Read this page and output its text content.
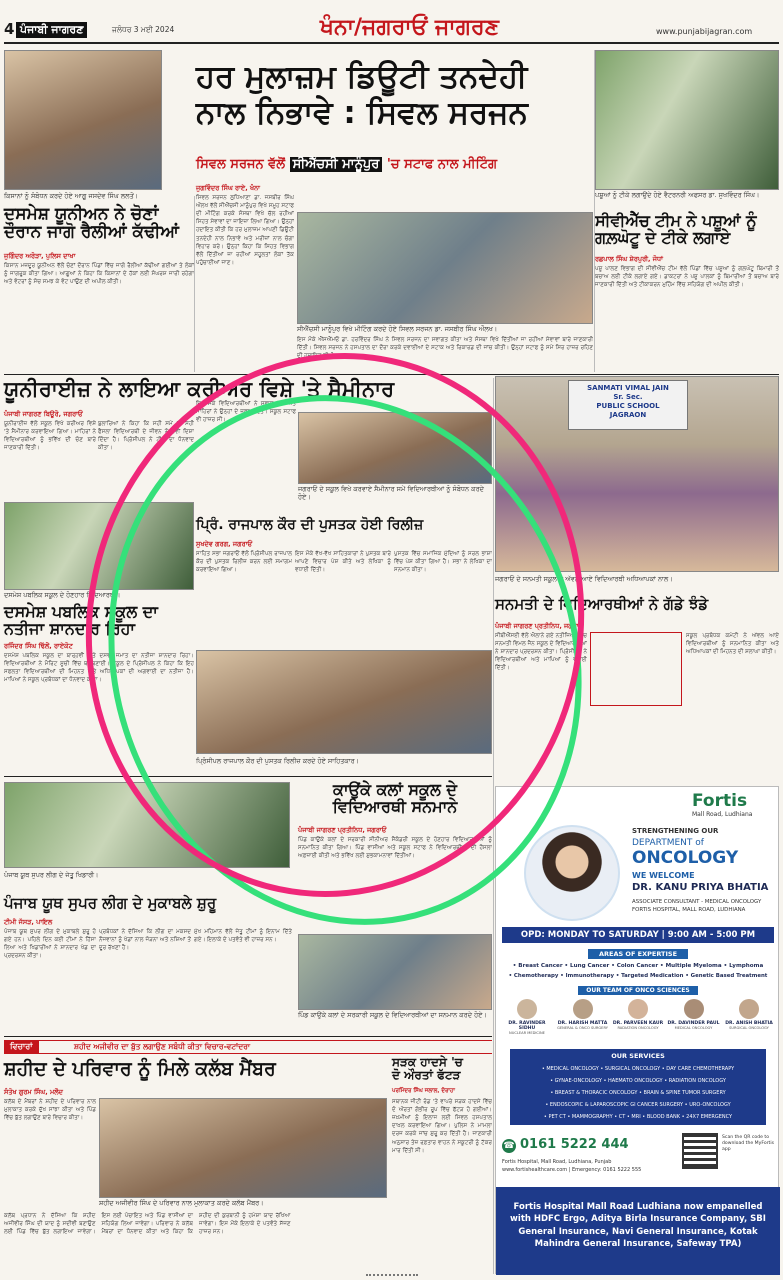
4 ਪੰਜਾਬੀ ਜਾਗਰਣ	ਜਲੰਧਰ 3 ਮਈ 2024	ਖੰਨਾ/ਜਗਰਾਓਂ ਜਾਗਰਣ	www.punjabijagran.com
ਕਿਸਾਨਾਂ ਨੂੰ ਸੰਬੋਧਨ ਕਰਦੇ ਹੋਏ ਆਗੂ ਜਸਦੇਵ ਸਿੰਘ ਲਲਤੋਂ।
ਦਸਮੇਸ਼ ਯੂਨੀਅਨ ਨੇ ਚੋਣਾਂ
ਦੌਰਾਨ ਜਾਗੋ ਰੈਲੀਆਂ ਕੱਢੀਆਂ
ਜੁਗਿੰਦਰ ਅਰੋੜਾ, ਪੁਲਿਸ ਦਾਖਾ
ਕਿਸਾਨ ਮਜ਼ਦੂਰ ਯੂਨੀਅਨ ਵੱਲੋਂ ਚੋਣਾਂ ਦੌਰਾਨ ਪਿੰਡਾਂ ਵਿੱਚ ਜਾਗੋ ਰੈਲੀਆਂ ਕੱਢੀਆਂ ਗਈਆਂ ਤੇ ਲੋਕਾਂ ਨੂੰ ਜਾਗਰੂਕ ਕੀਤਾ ਗਿਆ। ਆਗੂਆਂ ਨੇ ਕਿਹਾ ਕਿ ਕਿਸਾਨਾਂ ਦੇ ਹੱਕਾਂ ਲਈ ਸੰਘਰਸ਼ ਜਾਰੀ ਰਹੇਗਾ ਅਤੇ ਵੋਟਰਾਂ ਨੂੰ ਸੋਚ ਸਮਝ ਕੇ ਵੋਟ ਪਾਉਣ ਦੀ ਅਪੀਲ ਕੀਤੀ।
ਹਰ ਮੁਲਾਜ਼ਮ ਡਿਊਟੀ ਤਨਦੇਹੀ
ਨਾਲ ਨਿਭਾਵੇ : ਸਿਵਲ ਸਰਜਨ
ਸਿਵਲ ਸਰਜਨ ਵੱਲੋਂ ਸੀਐੱਚਸੀ ਮਾਨੂੰਪੁਰ 'ਚ ਸਟਾਫ ਨਾਲ ਮੀਟਿੰਗ
ਜੁਗਵਿੰਦਰ ਸਿੰਘ ਰਾਏ, ਖੰਨਾ
ਸਿਵਲ ਸਰਜਨ ਲੁਧਿਆਣਾ ਡਾ. ਜਸਬੀਰ ਸਿੰਘ ਔਲਖ ਵੱਲੋਂ ਸੀਐੱਚਸੀ ਮਾਨੂੰਪੁਰ ਵਿਖੇ ਸਮੂਹ ਸਟਾਫ ਦੀ ਮੀਟਿੰਗ ਕਰਕੇ ਸੰਸਥਾ ਵਿਖੇ ਚੱਲ ਰਹੀਆਂ ਸਿਹਤ ਸੇਵਾਵਾਂ ਦਾ ਜਾਇਜ਼ਾ ਲਿਆ ਗਿਆ। ਉਨ੍ਹਾਂ ਹਦਾਇਤ ਕੀਤੀ ਕਿ ਹਰ ਮੁਲਾਜ਼ਮ ਆਪਣੀ ਡਿਊਟੀ ਤਨਦੇਹੀ ਨਾਲ ਨਿਭਾਵੇ ਅਤੇ ਮਰੀਜ਼ਾਂ ਨਾਲ ਚੰਗਾ ਵਿਹਾਰ ਕਰੇ। ਉਨ੍ਹਾਂ ਕਿਹਾ ਕਿ ਸਿਹਤ ਵਿਭਾਗ ਵੱਲੋਂ ਦਿੱਤੀਆਂ ਜਾ ਰਹੀਆਂ ਸਹੂਲਤਾਂ ਲੋਕਾਂ ਤੱਕ ਪਹੁੰਚਾਈਆਂ ਜਾਣ।
ਸੀਐੱਚਸੀ ਮਾਨੂੰਪੁਰ ਵਿਖੇ ਮੀਟਿੰਗ ਕਰਦੇ ਹੋਏ ਸਿਵਲ ਸਰਜਨ ਡਾ. ਜਸਬੀਰ ਸਿੰਘ ਔਲਖ।
ਇਸ ਮੌਕੇ ਐੱਸਐੱਮਓ ਡਾ. ਹਰਵਿੰਦਰ ਸਿੰਘ ਨੇ ਸਿਵਲ ਸਰਜਨ ਦਾ ਸਵਾਗਤ ਕੀਤਾ ਅਤੇ ਸੰਸਥਾ ਵਿਖੇ ਦਿੱਤੀਆਂ ਜਾ ਰਹੀਆਂ ਸੇਵਾਵਾਂ ਬਾਰੇ ਜਾਣਕਾਰੀ ਦਿੱਤੀ। ਸਿਵਲ ਸਰਜਨ ਨੇ ਹਸਪਤਾਲ ਦਾ ਦੌਰਾ ਕਰਕੇ ਦਵਾਈਆਂ ਦੇ ਸਟਾਕ ਅਤੇ ਰਿਕਾਰਡ ਦੀ ਜਾਂਚ ਕੀਤੀ। ਉਨ੍ਹਾਂ ਸਟਾਫ ਨੂੰ ਸਮੇਂ ਸਿਰ ਹਾਜ਼ਰ ਰਹਿਣ ਦੀ ਹਦਾਇਤ ਕੀਤੀ।
ਪਸ਼ੂਆਂ ਨੂੰ ਟੀਕੇ ਲਗਾਉਂਦੇ ਹੋਏ ਵੈਟਰਨਰੀ ਅਫਸਰ ਡਾ. ਸੁਖਵਿੰਦਰ ਸਿੰਘ।
ਸੀਵੀਐੱਚ ਟੀਮ ਨੇ ਪਸ਼ੂਆਂ ਨੂੰ
ਗਲ਼ਘੋਟੂ ਦੇ ਟੀਕੇ ਲਗਾਏ
ਰਛਪਾਲ ਸਿੰਘ ਸ਼ੇਰਪੁਰੀ, ਜੋਧਾਂ
ਪਸ਼ੂ ਪਾਲਣ ਵਿਭਾਗ ਦੀ ਸੀਵੀਐੱਚ ਟੀਮ ਵੱਲੋਂ ਪਿੰਡਾਂ ਵਿੱਚ ਪਸ਼ੂਆਂ ਨੂੰ ਗਲ਼ਘੋਟੂ ਬਿਮਾਰੀ ਤੋਂ ਬਚਾਅ ਲਈ ਟੀਕੇ ਲਗਾਏ ਗਏ। ਡਾਕਟਰਾਂ ਨੇ ਪਸ਼ੂ ਪਾਲਕਾਂ ਨੂੰ ਬਿਮਾਰੀਆਂ ਤੋਂ ਬਚਾਅ ਬਾਰੇ ਜਾਣਕਾਰੀ ਦਿੱਤੀ ਅਤੇ ਟੀਕਾਕਰਨ ਮੁਹਿੰਮ ਵਿੱਚ ਸਹਿਯੋਗ ਦੀ ਅਪੀਲ ਕੀਤੀ।
ਯੂਨੀਰਾਈਜ਼ ਨੇ ਲਾਇਆ ਕਰੀਅਰ ਵਿਸ਼ੇ 'ਤੇ ਸੈਮੀਨਾਰ
ਪੰਜਾਬੀ ਜਾਗਰਣ ਬਿਊਰੋ, ਜਗਰਾਓਂ
ਯੂਨੀਰਾਈਜ਼ ਵੱਲੋਂ ਸਕੂਲ ਵਿਖੇ ਕਰੀਅਰ ਵਿਸ਼ੇ 'ਤੇ ਸੈਮੀਨਾਰ ਕਰਵਾਇਆ ਗਿਆ। ਮਾਹਿਰਾਂ ਨੇ ਵਿਦਿਆਰਥੀਆਂ ਨੂੰ ਭਵਿੱਖ ਦੀ ਚੋਣ ਬਾਰੇ ਜਾਣਕਾਰੀ ਦਿੱਤੀ।
ਬੁਲਾਰਿਆਂ ਨੇ ਕਿਹਾ ਕਿ ਸਹੀ ਸਮੇਂ 'ਤੇ ਸਹੀ ਫੈਸਲਾ ਵਿਦਿਆਰਥੀ ਦੇ ਜੀਵਨ ਨੂੰ ਨਵੀਂ ਦਿਸ਼ਾ ਦਿੰਦਾ ਹੈ। ਪ੍ਰਿੰਸੀਪਲ ਨੇ ਟੀਮ ਦਾ ਧੰਨਵਾਦ ਕੀਤਾ।
ਇਸ ਮੌਕੇ ਵਿਦਿਆਰਥੀਆਂ ਨੇ ਸਵਾਲ ਪੁੱਛੇ ਅਤੇ ਮਾਹਿਰਾਂ ਨੇ ਉਨ੍ਹਾਂ ਦੇ ਜਵਾਬ ਦਿੱਤੇ। ਸਕੂਲ ਸਟਾਫ ਵੀ ਹਾਜ਼ਰ ਸੀ।
ਜਗਰਾਓਂ ਦੇ ਸਕੂਲ ਵਿਖੇ ਕਰਵਾਏ ਸੈਮੀਨਾਰ ਸਮੇਂ ਵਿਦਿਆਰਥੀਆਂ ਨੂੰ ਸੰਬੋਧਨ ਕਰਦੇ ਹੋਏ।
SANMATI VIMAL JAIN
Sr. Sec.
PUBLIC SCHOOL
JAGRAON
ਜਗਰਾਓਂ ਦੇ ਸਨਮਤੀ ਸਕੂਲ ਦੇ ਅੱਵਲ ਆਏ ਵਿਦਿਆਰਥੀ ਅਧਿਆਪਕਾਂ ਨਾਲ।
ਸਨਮਤੀ ਦੇ ਵਿਦਿਆਰਥੀਆਂ ਨੇ ਗੱਡੇ ਝੰਡੇ
ਪੰਜਾਬੀ ਜਾਗਰਣ ਪ੍ਰਤੀਨਿਧ, ਜਗਰਾਓਂ
ਸੀਬੀਐੱਸਈ ਵੱਲੋਂ ਐਲਾਨੇ ਗਏ ਨਤੀਜਿਆਂ ਵਿੱਚ ਸਨਮਤੀ ਵਿਮਲ ਜੈਨ ਸਕੂਲ ਦੇ ਵਿਦਿਆਰਥੀਆਂ ਨੇ ਸ਼ਾਨਦਾਰ ਪ੍ਰਦਰਸ਼ਨ ਕੀਤਾ। ਪ੍ਰਿੰਸੀਪਲ ਨੇ ਵਿਦਿਆਰਥੀਆਂ ਅਤੇ ਮਾਪਿਆਂ ਨੂੰ ਵਧਾਈ ਦਿੱਤੀ।
ਸਕੂਲ ਪ੍ਰਬੰਧਕ ਕਮੇਟੀ ਨੇ ਅੱਵਲ ਆਏ ਵਿਦਿਆਰਥੀਆਂ ਨੂੰ ਸਨਮਾਨਿਤ ਕੀਤਾ ਅਤੇ ਅਧਿਆਪਕਾਂ ਦੀ ਮਿਹਨਤ ਦੀ ਸ਼ਲਾਘਾ ਕੀਤੀ।
ਦਸਮੇਸ਼ ਪਬਲਿਕ ਸਕੂਲ ਦੇ ਹੋਣਹਾਰ ਵਿਦਿਆਰਥੀ।
ਦਸਮੇਸ਼ ਪਬਲਿਕ ਸਕੂਲ ਦਾ
ਨਤੀਜਾ ਸ਼ਾਨਦਾਰ ਰਿਹਾ
ਰਜਿੰਦਰ ਸਿੰਘ ਢਿੱਲੋਂ, ਰਾਏਕੋਟ
ਦਸਮੇਸ਼ ਪਬਲਿਕ ਸਕੂਲ ਦਾ ਬਾਰ੍ਹਵੀਂ ਅਤੇ ਦਸਵੀਂ ਜਮਾਤ ਦਾ ਨਤੀਜਾ ਸ਼ਾਨਦਾਰ ਰਿਹਾ। ਵਿਦਿਆਰਥੀਆਂ ਨੇ ਮੈਰਿਟ ਸੂਚੀ ਵਿੱਚ ਥਾਂ ਬਣਾਈ। ਸਕੂਲ ਦੇ ਪ੍ਰਿੰਸੀਪਲ ਨੇ ਕਿਹਾ ਕਿ ਇਹ ਸਫਲਤਾ ਵਿਦਿਆਰਥੀਆਂ ਦੀ ਮਿਹਨਤ ਅਤੇ ਅਧਿਆਪਕਾਂ ਦੀ ਅਗਵਾਈ ਦਾ ਨਤੀਜਾ ਹੈ। ਮਾਪਿਆਂ ਨੇ ਸਕੂਲ ਪ੍ਰਬੰਧਕਾਂ ਦਾ ਧੰਨਵਾਦ ਕੀਤਾ।
ਪ੍ਰਿੰ. ਰਾਜਪਾਲ ਕੌਰ ਦੀ ਪੁਸਤਕ ਹੋਈ ਰਿਲੀਜ਼
ਸੁਖਦੇਵ ਗਰਗ, ਜਗਰਾਓਂ
ਸਾਹਿਤ ਸਭਾ ਜਗਰਾਓਂ ਵੱਲੋਂ ਪ੍ਰਿੰਸੀਪਲ ਰਾਜਪਾਲ ਕੌਰ ਦੀ ਪੁਸਤਕ ਰਿਲੀਜ਼ ਕਰਨ ਲਈ ਸਮਾਗਮ ਕਰਵਾਇਆ ਗਿਆ।
ਇਸ ਮੌਕੇ ਵੱਖ-ਵੱਖ ਸਾਹਿਤਕਾਰਾਂ ਨੇ ਪੁਸਤਕ ਬਾਰੇ ਆਪਣੇ ਵਿਚਾਰ ਪੇਸ਼ ਕੀਤੇ ਅਤੇ ਲੇਖਿਕਾ ਨੂੰ ਵਧਾਈ ਦਿੱਤੀ।
ਪੁਸਤਕ ਵਿੱਚ ਸਮਾਜਿਕ ਮੁੱਦਿਆਂ ਨੂੰ ਸਰਲ ਭਾਸ਼ਾ ਵਿੱਚ ਪੇਸ਼ ਕੀਤਾ ਗਿਆ ਹੈ। ਸਭਾ ਨੇ ਲੇਖਿਕਾ ਦਾ ਸਨਮਾਨ ਕੀਤਾ।
ਪ੍ਰਿੰਸੀਪਲ ਰਾਜਪਾਲ ਕੌਰ ਦੀ ਪੁਸਤਕ ਰਿਲੀਜ਼ ਕਰਦੇ ਹੋਏ ਸਾਹਿਤਕਾਰ।
ਪੰਜਾਬ ਯੂਥ ਸੁਪਰ ਲੀਗ ਦੇ ਜੇਤੂ ਖਿਡਾਰੀ।
ਪੰਜਾਬ ਯੂਥ ਸੁਪਰ ਲੀਗ ਦੇ ਮੁਕਾਬਲੇ ਸ਼ੁਰੂ
ਟੀਮੀ ਜੱਸੜ, ਪਾਇਲ
ਪੰਜਾਬ ਯੂਥ ਸੁਪਰ ਲੀਗ ਦੇ ਮੁਕਾਬਲੇ ਸ਼ੁਰੂ ਹੋ ਗਏ ਹਨ। ਪਹਿਲੇ ਦਿਨ ਕਈ ਟੀਮਾਂ ਨੇ ਹਿੱਸਾ ਲਿਆ ਅਤੇ ਖਿਡਾਰੀਆਂ ਨੇ ਸ਼ਾਨਦਾਰ ਖੇਡ ਦਾ ਪ੍ਰਦਰਸ਼ਨ ਕੀਤਾ।
ਪ੍ਰਬੰਧਕਾਂ ਨੇ ਦੱਸਿਆ ਕਿ ਲੀਗ ਦਾ ਮਕਸਦ ਨੌਜਵਾਨਾਂ ਨੂੰ ਖੇਡਾਂ ਨਾਲ ਜੋੜਨਾ ਅਤੇ ਨਸ਼ਿਆਂ ਤੋਂ ਦੂਰ ਰੱਖਣਾ ਹੈ।
ਮੁੱਖ ਮਹਿਮਾਨ ਵੱਲੋਂ ਜੇਤੂ ਟੀਮਾਂ ਨੂੰ ਇਨਾਮ ਦਿੱਤੇ ਗਏ। ਇਲਾਕੇ ਦੇ ਪਤਵੰਤੇ ਵੀ ਹਾਜ਼ਰ ਸਨ।
ਕਾਉਂਕੇ ਕਲਾਂ ਸਕੂਲ ਦੇ
ਵਿਦਿਆਰਥੀ ਸਨਮਾਨੇ
ਪੰਜਾਬੀ ਜਾਗਰਣ ਪ੍ਰਤੀਨਿਧ, ਜਗਰਾਓਂ
ਪਿੰਡ ਕਾਉਂਕੇ ਕਲਾਂ ਦੇ ਸਰਕਾਰੀ ਸੀਨੀਅਰ ਸੈਕੰਡਰੀ ਸਕੂਲ ਦੇ ਹੋਣਹਾਰ ਵਿਦਿਆਰਥੀਆਂ ਨੂੰ ਸਨਮਾਨਿਤ ਕੀਤਾ ਗਿਆ। ਪਿੰਡ ਵਾਸੀਆਂ ਅਤੇ ਸਕੂਲ ਸਟਾਫ ਨੇ ਵਿਦਿਆਰਥੀਆਂ ਦੀ ਹੌਸਲਾ ਅਫ਼ਜ਼ਾਈ ਕੀਤੀ ਅਤੇ ਭਵਿੱਖ ਲਈ ਸ਼ੁਭਕਾਮਨਾਵਾਂ ਦਿੱਤੀਆਂ।
ਪਿੰਡ ਕਾਉਂਕੇ ਕਲਾਂ ਦੇ ਸਰਕਾਰੀ ਸਕੂਲ ਦੇ ਵਿਦਿਆਰਥੀਆਂ ਦਾ ਸਨਮਾਨ ਕਰਦੇ ਹੋਏ।
ਵਿਚਾਰਾਂ	ਸ਼ਹੀਦ ਅਜੀਵੀਰ ਦਾ ਬੁੱਤ ਲਗਾਉਣ ਸਬੰਧੀ ਕੀਤਾ ਵਿਚਾਰ-ਵਟਾਂਦਰਾ
ਸ਼ਹੀਦ ਦੇ ਪਰਿਵਾਰ ਨੂੰ ਮਿਲੇ ਕਲੱਬ ਮੈਂਬਰ
ਸੰਤੋਖ ਗੁਰਮ ਸਿੰਘ, ਮਲੌਦ
ਕਲੱਬ ਦੇ ਮੈਂਬਰਾਂ ਨੇ ਸ਼ਹੀਦ ਦੇ ਪਰਿਵਾਰ ਨਾਲ ਮੁਲਾਕਾਤ ਕਰਕੇ ਦੁੱਖ ਸਾਂਝਾ ਕੀਤਾ ਅਤੇ ਪਿੰਡ ਵਿੱਚ ਬੁੱਤ ਲਗਾਉਣ ਬਾਰੇ ਵਿਚਾਰ ਕੀਤਾ।
ਸ਼ਹੀਦ ਅਜੀਵੀਰ ਸਿੰਘ ਦੇ ਪਰਿਵਾਰ ਨਾਲ ਮੁਲਾਕਾਤ ਕਰਦੇ ਕਲੱਬ ਮੈਂਬਰ।
ਕਲੱਬ ਪ੍ਰਧਾਨ ਨੇ ਦੱਸਿਆ ਕਿ ਸ਼ਹੀਦ ਅਜੀਵੀਰ ਸਿੰਘ ਦੀ ਯਾਦ ਨੂੰ ਸਦੀਵੀ ਬਣਾਉਣ ਲਈ ਪਿੰਡ ਵਿੱਚ ਬੁੱਤ ਲਗਾਇਆ ਜਾਵੇਗਾ। ਇਸ ਲਈ ਪੰਚਾਇਤ ਅਤੇ ਪਿੰਡ ਵਾਸੀਆਂ ਦਾ ਸਹਿਯੋਗ ਲਿਆ ਜਾਵੇਗਾ। ਪਰਿਵਾਰ ਨੇ ਕਲੱਬ ਮੈਂਬਰਾਂ ਦਾ ਧੰਨਵਾਦ ਕੀਤਾ ਅਤੇ ਕਿਹਾ ਕਿ ਸ਼ਹੀਦ ਦੀ ਕੁਰਬਾਨੀ ਨੂੰ ਹਮੇਸ਼ਾ ਯਾਦ ਰੱਖਿਆ ਜਾਵੇਗਾ। ਇਸ ਮੌਕੇ ਇਲਾਕੇ ਦੇ ਪਤਵੰਤੇ ਸੱਜਣ ਹਾਜ਼ਰ ਸਨ।
ਸੜਕ ਹਾਦਸੇ 'ਚ
ਦੋ ਔਰਤਾਂ ਫੱਟੜ
ਪਰਮਿੰਦਰ ਸਿੰਘ ਜਲਾਲ, ਦੋਰਾਹਾ
ਸਥਾਨਕ ਜੀਟੀ ਰੋਡ 'ਤੇ ਵਾਪਰੇ ਸੜਕ ਹਾਦਸੇ ਵਿੱਚ ਦੋ ਔਰਤਾਂ ਗੰਭੀਰ ਰੂਪ ਵਿੱਚ ਫੱਟੜ ਹੋ ਗਈਆਂ। ਜ਼ਖ਼ਮੀਆਂ ਨੂੰ ਇਲਾਜ ਲਈ ਸਿਵਲ ਹਸਪਤਾਲ ਦਾਖ਼ਲ ਕਰਵਾਇਆ ਗਿਆ। ਪੁਲਿਸ ਨੇ ਮਾਮਲਾ ਦਰਜ ਕਰਕੇ ਜਾਂਚ ਸ਼ੁਰੂ ਕਰ ਦਿੱਤੀ ਹੈ। ਜਾਣਕਾਰੀ ਅਨੁਸਾਰ ਤੇਜ਼ ਰਫ਼ਤਾਰ ਵਾਹਨ ਨੇ ਸਕੂਟਰੀ ਨੂੰ ਟੱਕਰ ਮਾਰ ਦਿੱਤੀ ਸੀ।
Fortis
Mall Road, Ludhiana
STRENGTHENING OUR
DEPARTMENT of
ONCOLOGY
WE WELCOME
DR. KANU PRIYA BHATIA
ASSOCIATE CONSULTANT - MEDICAL ONCOLOGY
FORTIS HOSPITAL, MALL ROAD, LUDHIANA
OPD: MONDAY TO SATURDAY | 9:00 AM - 5:00 PM
AREAS OF EXPERTISE
• Breast Cancer • Lung Cancer • Colon Cancer • Multiple Myeloma • Lymphoma
• Chemotherapy • Immunotherapy • Targeted Medication • Genetic Based Treatment
OUR TEAM OF ONCO SCIENCES
DR. RAVINDER SIDHU
NUCLEAR MEDICINE
DR. HARISH MATTA
GENERAL & ONCO SURGERY
DR. PARVEEN KAUR
RADIATION ONCOLOGY
DR. DAVINDER PAUL
MEDICAL ONCOLOGY
DR. ANISH BHATIA
SURGICAL ONCOLOGY
OUR SERVICES
• MEDICAL ONCOLOGY • SURGICAL ONCOLOGY • DAY CARE CHEMOTHERAPY
• GYNAE-ONCOLOGY • HAEMATO ONCOLOGY • RADIATION ONCOLOGY
• BREAST & THORACIC ONCOLOGY • BRAIN & SPINE TUMOR SURGERY
• ENDOSCOPIC & LAPAROSCOPIC GI CANCER SURGERY • URO-ONCOLOGY
• PET CT • MAMMOGRAPHY • CT • MRI • BLOOD BANK • 24X7 EMERGENCY
☎ 0161 5222 444
Fortis Hospital, Mall Road, Ludhiana, Punjab
www.fortishealthcare.com | Emergency: 0161 5222 555
Scan the QR code to download the MyFortis app
Fortis Hospital Mall Road Ludhiana now empanelled with HDFC Ergo, Aditya Birla Insurance Company, SBI General Insurance, Navi General Insurance, Kotak Mahindra General Insurance, Safeway TPA)
